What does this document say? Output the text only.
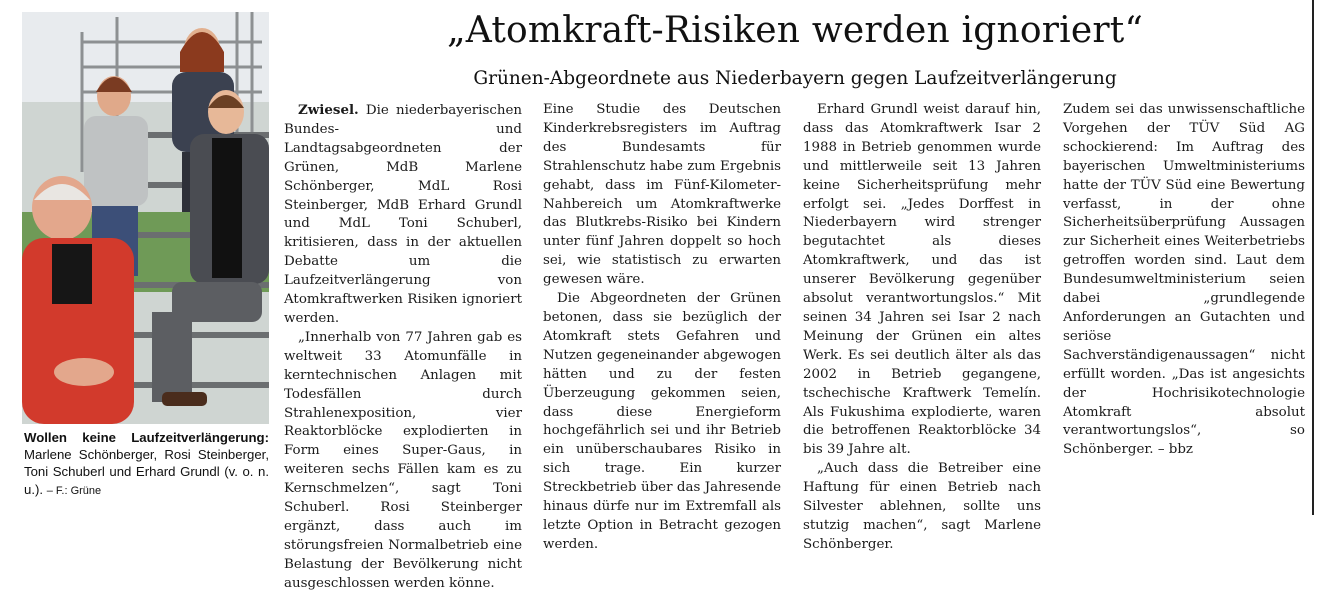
Wollen keine Laufzeitverlängerung: Marlene Schönberger, Rosi Steinberger, Toni Schuberl und Erhard Grundl (v. o. n. u.). – F.: Grüne
„Atomkraft-Risiken werden ignoriert“
Grünen-Abgeordnete aus Niederbayern gegen Laufzeitverlängerung

Zwiesel. Die niederbayerischen Bundes- und Landtagsabgeordneten der Grünen, MdB Marlene Schönberger, MdL Rosi Steinberger, MdB Erhard Grundl und MdL Toni Schuberl, kritisieren, dass in der aktuellen Debatte um die Laufzeitverlängerung von Atomkraftwerken Risiken ignoriert werden.

„Innerhalb von 77 Jahren gab es weltweit 33 Atomunfälle in kerntechnischen Anlagen mit Todesfällen durch Strahlenexposition, vier Reaktorblöcke explodierten in Form eines Super-Gaus, in weiteren sechs Fällen kam es zu Kernschmelzen“, sagt Toni Schuberl. Rosi Steinberger ergänzt, dass auch im störungsfreien Normalbetrieb eine Belastung der Bevölkerung nicht ausgeschlossen werden könne.

Eine Studie des Deutschen Kinderkrebsregisters im Auftrag des Bundesamts für Strahlenschutz habe zum Ergebnis gehabt, dass im Fünf-Kilometer-Nahbereich um Atomkraftwerke das Blutkrebs-Risiko bei Kindern unter fünf Jahren doppelt so hoch sei, wie statistisch zu erwarten gewesen wäre.

Die Abgeordneten der Grünen betonen, dass sie bezüglich der Atomkraft stets Gefahren und Nutzen gegeneinander abgewogen hätten und zu der festen Überzeugung gekommen seien, dass diese Energieform hochgefährlich sei und ihr Betrieb ein unüberschaubares Risiko in sich trage. Ein kurzer Streckbetrieb über das Jahresende hinaus dürfe nur im Extremfall als letzte Option in Betracht gezogen werden.

Erhard Grundl weist darauf hin, dass das Atomkraftwerk Isar 2 1988 in Betrieb genommen wurde und mittlerweile seit 13 Jahren keine Sicherheitsprüfung mehr erfolgt sei. „Jedes Dorffest in Niederbayern wird strenger begutachtet als dieses Atomkraftwerk, und das ist unserer Bevölkerung gegenüber absolut verantwortungslos.“ Mit seinen 34 Jahren sei Isar 2 nach Meinung der Grünen ein altes Werk. Es sei deutlich älter als das 2002 in Betrieb gegangene, tschechische Kraftwerk Temelín. Als Fukushima explodierte, waren die betroffenen Reaktorblöcke 34 bis 39 Jahre alt.

„Auch dass die Betreiber eine Haftung für einen Betrieb nach Silvester ablehnen, sollte uns stutzig machen“, sagt Marlene Schönberger.

Zudem sei das unwissenschaftliche Vorgehen der TÜV Süd AG schockierend: Im Auftrag des bayerischen Umweltministeriums hatte der TÜV Süd eine Bewertung verfasst, in der ohne Sicherheitsüberprüfung Aussagen zur Sicherheit eines Weiterbetriebs getroffen worden sind. Laut dem Bundesumweltministerium seien dabei „grundlegende Anforderungen an Gutachten und seriöse Sachverständigenaussagen“ nicht erfüllt worden. „Das ist angesichts der Hochrisikotechnologie Atomkraft absolut verantwortungslos“, so Schönberger. – bbz
